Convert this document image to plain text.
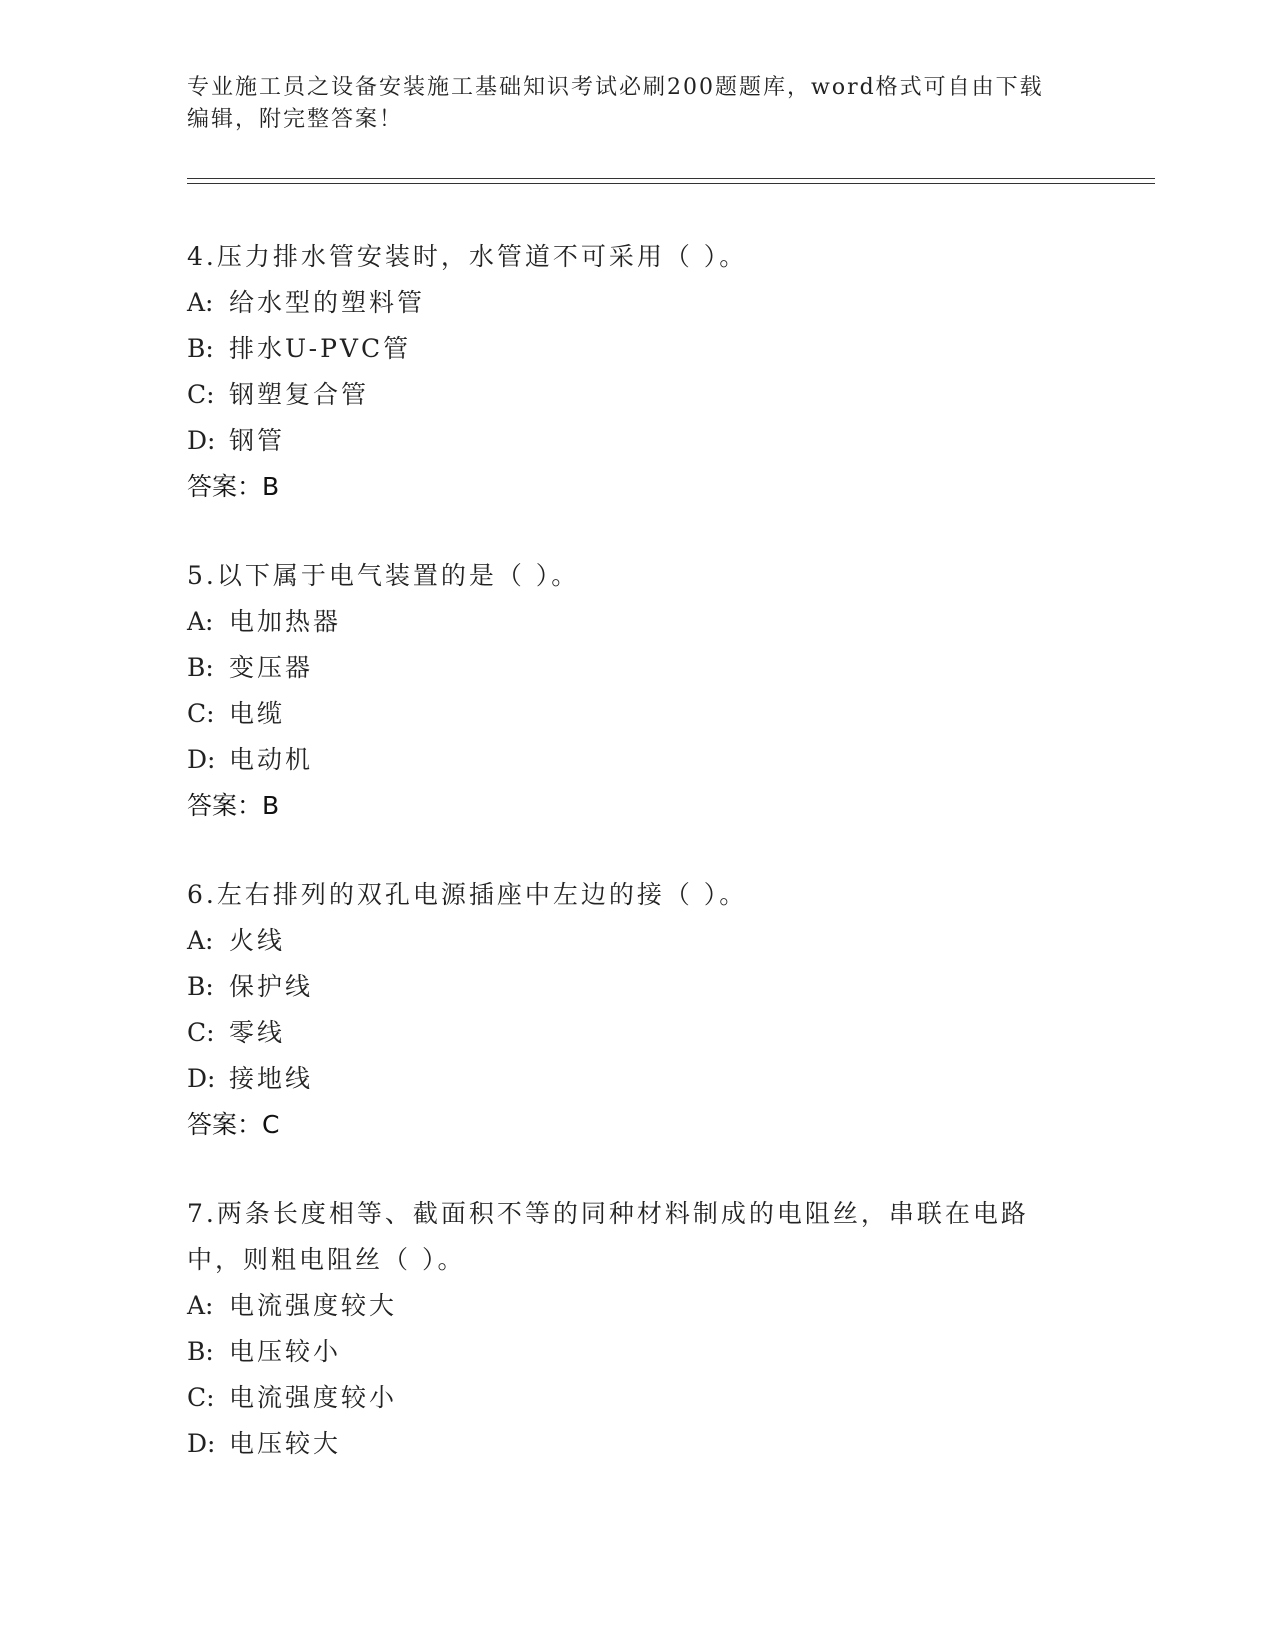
专业施工员之设备安装施工基础知识考试必刷200题题库，word格式可自由下载编辑，附完整答案！
4.压力排水管安装时，水管道不可采用（ ）。
A: 给水型的塑料管
B: 排水U-PVC管
C: 钢塑复合管
D: 钢管
答案：B
5.以下属于电气装置的是（ ）。
A: 电加热器
B: 变压器
C: 电缆
D: 电动机
答案：B
6.左右排列的双孔电源插座中左边的接（ ）。
A: 火线
B: 保护线
C: 零线
D: 接地线
答案：C
7.两条长度相等、截面积不等的同种材料制成的电阻丝，串联在电路中，则粗电阻丝（ ）。
A: 电流强度较大
B: 电压较小
C: 电流强度较小
D: 电压较大
